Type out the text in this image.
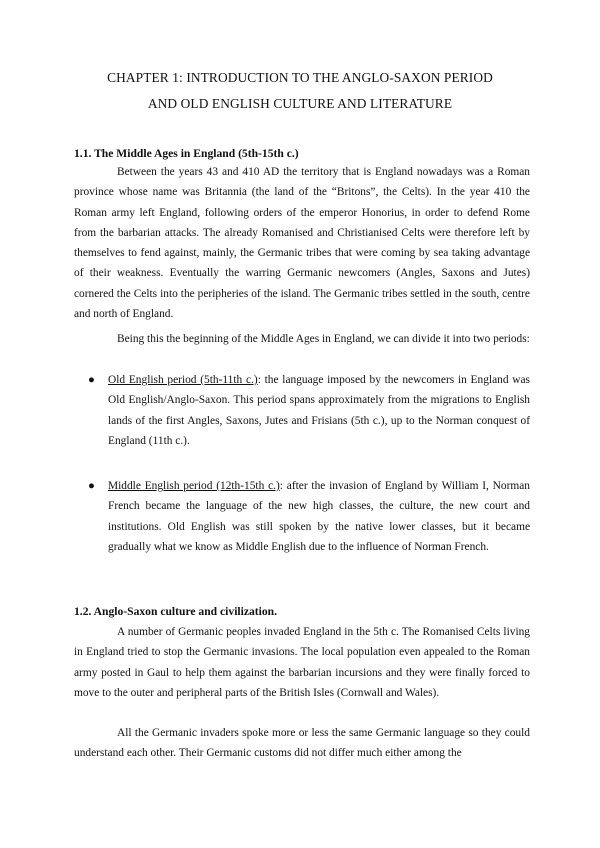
CHAPTER 1: INTRODUCTION TO THE ANGLO-SAXON PERIOD
AND OLD ENGLISH CULTURE AND LITERATURE
1.1. The Middle Ages in England (5th-15th c.)

Between the years 43 and 410 AD the territory that is England nowadays was a Roman province whose name was Britannia (the land of the “Britons”, the Celts). In the year 410 the Roman army left England, following orders of the emperor Honorius, in order to defend Rome from the barbarian attacks. The already Romanised and Christianised Celts were therefore left by themselves to fend against, mainly, the Germanic tribes that were coming by sea taking advantage of their weakness. Eventually the warring Germanic newcomers (Angles, Saxons and Jutes) cornered the Celts into the peripheries of the island. The Germanic tribes settled in the south, centre and north of England.

Being this the beginning of the Middle Ages in England, we can divide it into two periods:

● Old English period (5th-11th c.): the language imposed by the newcomers in England was Old English/Anglo-Saxon. This period spans approximately from the migrations to English lands of the first Angles, Saxons, Jutes and Frisians (5th c.), up to the Norman conquest of England (11th c.).
● Middle English period (12th-15th c.): after the invasion of England by William I, Norman French became the language of the new high classes, the culture, the new court and institutions. Old English was still spoken by the native lower classes, but it became gradually what we know as Middle English due to the influence of Norman French.
1.2. Anglo-Saxon culture and civilization.

A number of Germanic peoples invaded England in the 5th c. The Romanised Celts living in England tried to stop the Germanic invasions. The local population even appealed to the Roman army posted in Gaul to help them against the barbarian incursions and they were finally forced to move to the outer and peripheral parts of the British Isles (Cornwall and Wales).

All the Germanic invaders spoke more or less the same Germanic language so they could understand each other. Their Germanic customs did not differ much either among the
